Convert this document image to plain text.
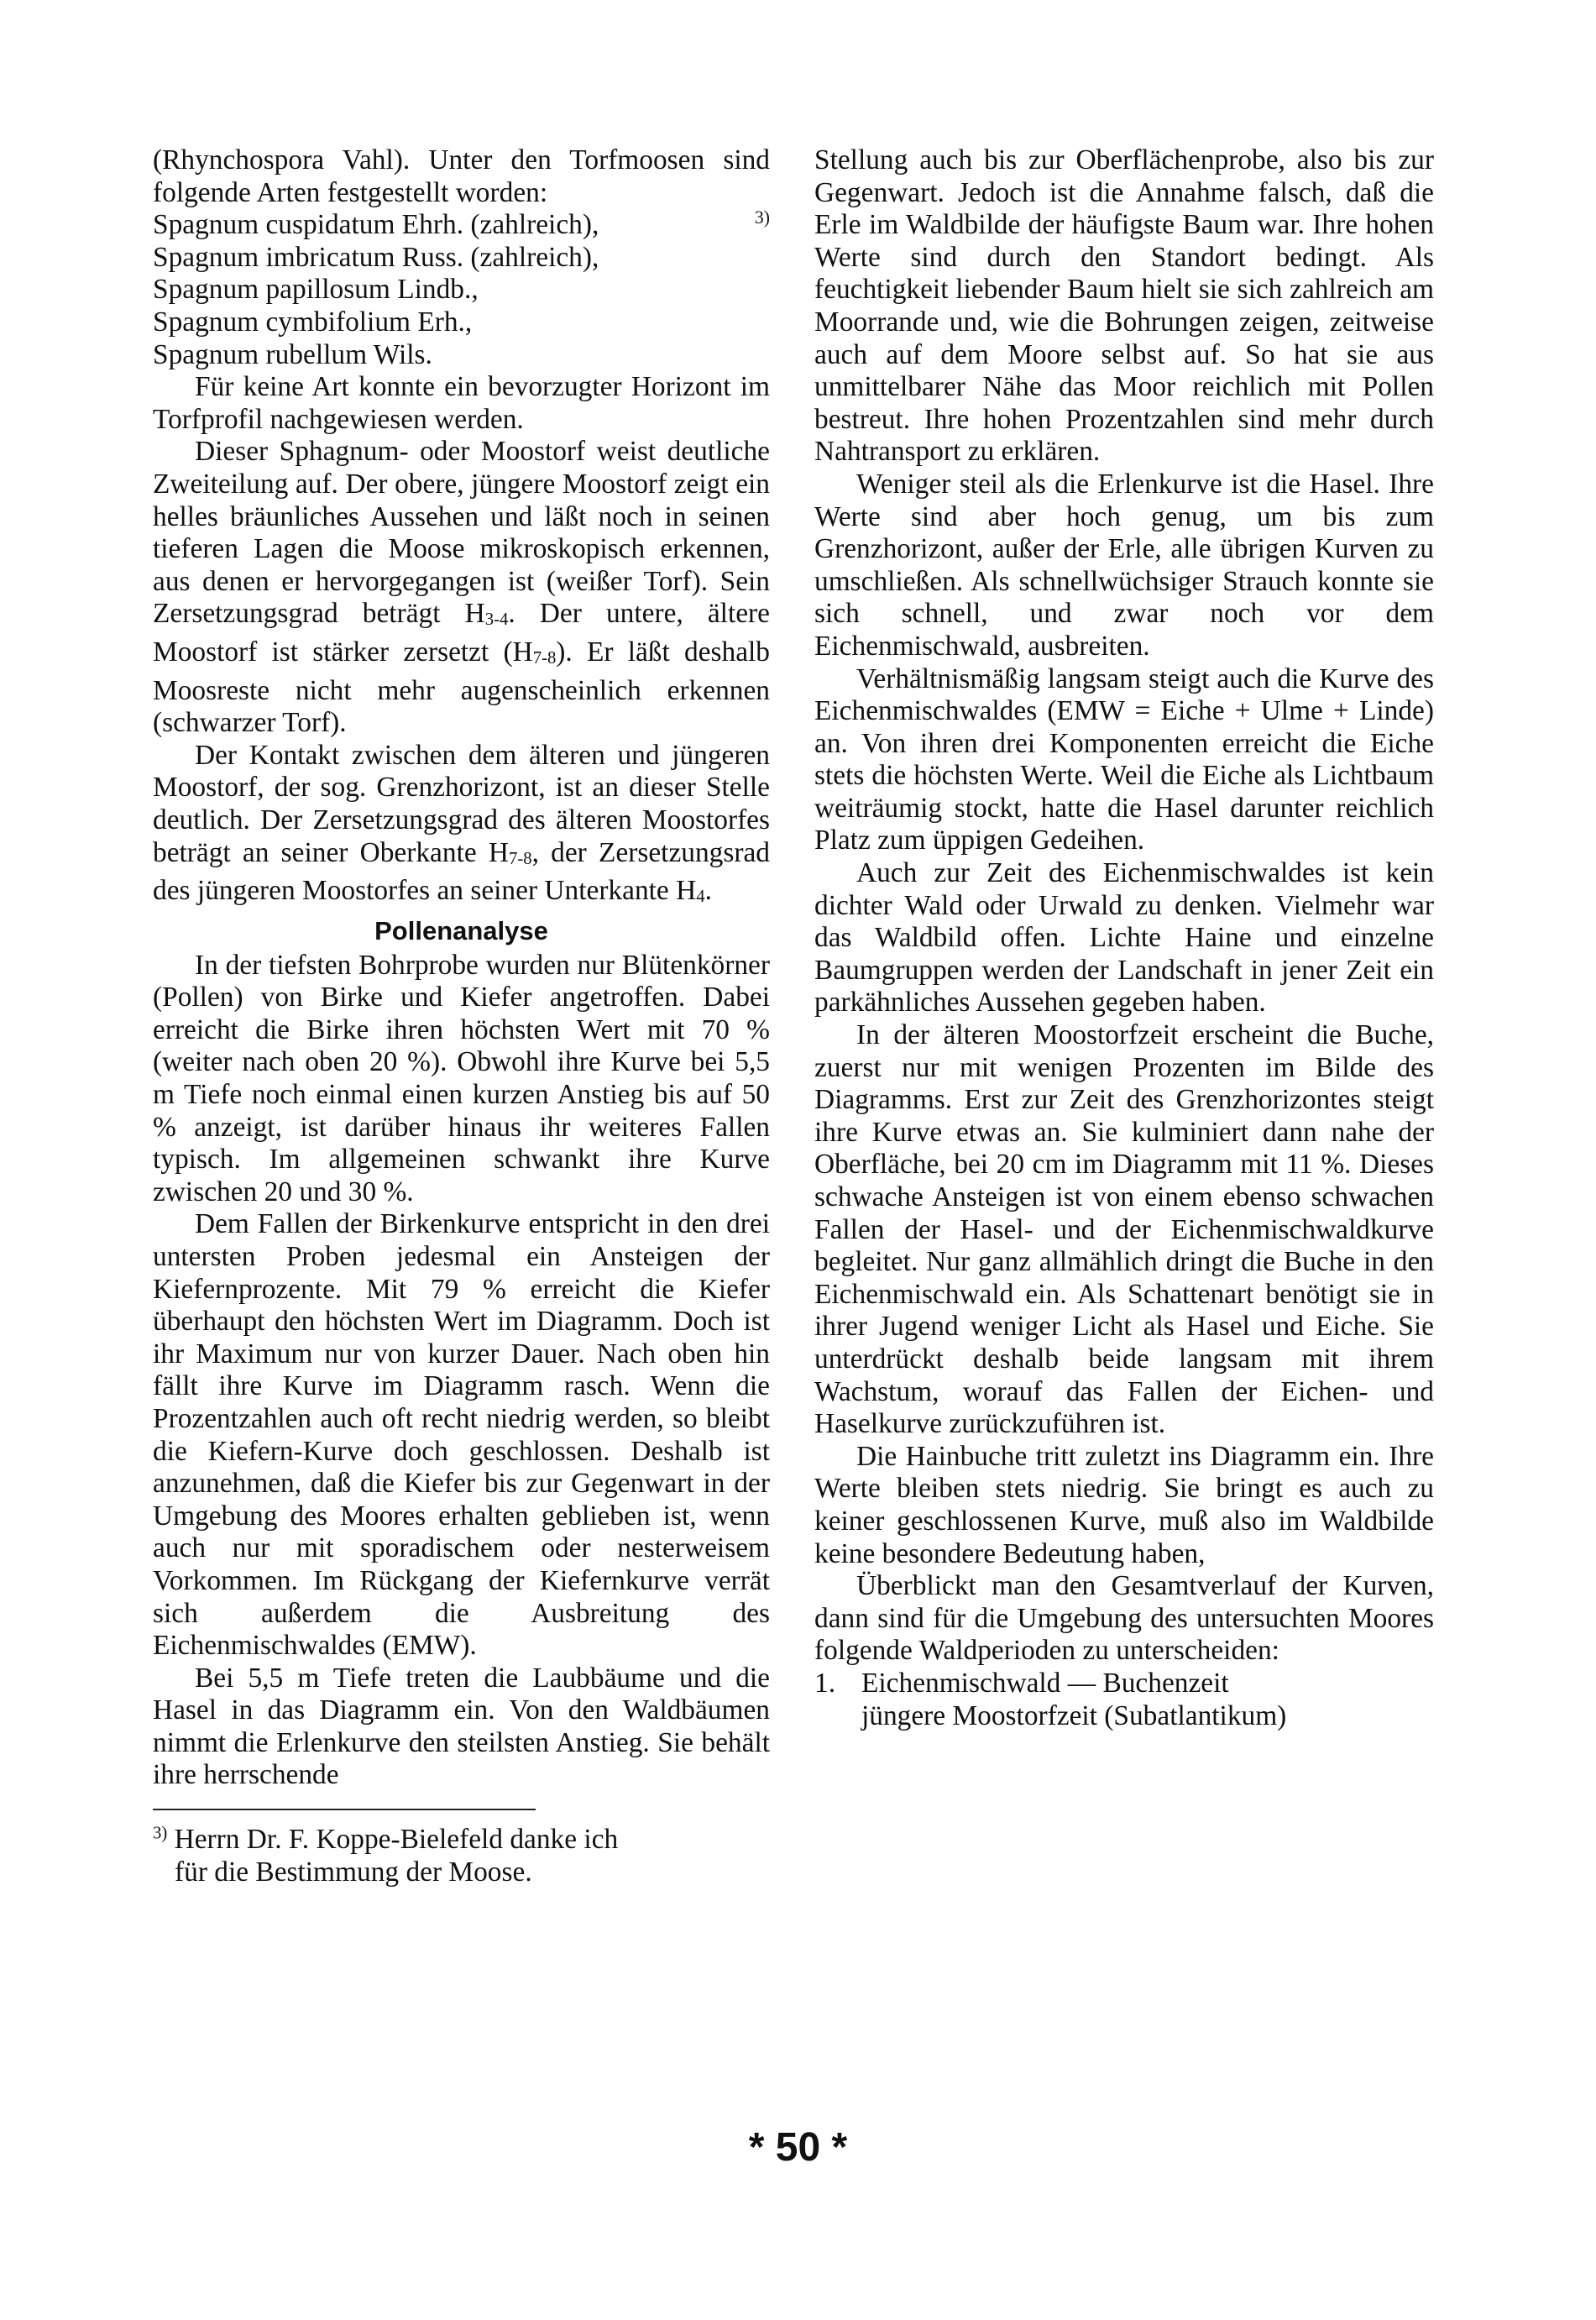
(Rhynchospora Vahl). Unter den Torfmoosen sind folgende Arten festgestellt worden:

Spagnum cuspidatum Ehrh. (zahlreich),	$^{3)}$
Spagnum imbricatum Russ. (zahlreich),
Spagnum papillosum Lindb.,
Spagnum cymbifolium Erh.,
Spagnum rubellum Wils.

Für keine Art konnte ein bevorzugter Horizont im Torfprofil nachgewiesen werden.

Dieser Sphagnum- oder Moostorf weist deutliche Zweiteilung auf. Der obere, jüngere Moostorf zeigt ein helles bräunliches Aussehen und läßt noch in seinen tieferen Lagen die Moose mikroskopisch erkennen, aus denen er hervorgegangen ist (weißer Torf). Sein Zersetzungsgrad beträgt H3-4. Der untere, ältere Moostorf ist stärker zersetzt (H7-8). Er läßt deshalb Moosreste nicht mehr augenscheinlich erkennen (schwarzer Torf).

Der Kontakt zwischen dem älteren und jüngeren Moostorf, der sog. Grenzhorizont, ist an dieser Stelle deutlich. Der Zersetzungsgrad des älteren Moostorfes beträgt an seiner Oberkante H7-8, der Zersetzungsrad des jüngeren Moostorfes an seiner Unterkante H4.

Pollenanalyse

In der tiefsten Bohrprobe wurden nur Blütenkörner (Pollen) von Birke und Kiefer angetroffen. Dabei erreicht die Birke ihren höchsten Wert mit 70 % (weiter nach oben 20 %). Obwohl ihre Kurve bei 5,5 m Tiefe noch einmal einen kurzen Anstieg bis auf 50 % anzeigt, ist darüber hinaus ihr weiteres Fallen typisch. Im allgemeinen schwankt ihre Kurve zwischen 20 und 30 %.

Dem Fallen der Birkenkurve entspricht in den drei untersten Proben jedesmal ein Ansteigen der Kiefernprozente. Mit 79 % erreicht die Kiefer überhaupt den höchsten Wert im Diagramm. Doch ist ihr Maximum nur von kurzer Dauer. Nach oben hin fällt ihre Kurve im Diagramm rasch. Wenn die Prozentzahlen auch oft recht niedrig werden, so bleibt die Kiefern-Kurve doch geschlossen. Deshalb ist anzunehmen, daß die Kiefer bis zur Gegenwart in der Umgebung des Moores erhalten geblieben ist, wenn auch nur mit sporadischem oder nesterweisem Vorkommen. Im Rückgang der Kiefernkurve verrät sich außerdem die Ausbreitung des Eichenmischwaldes (EMW).

Bei 5,5 m Tiefe treten die Laubbäume und die Hasel in das Diagramm ein. Von den Waldbäumen nimmt die Erlenkurve den steilsten Anstieg. Sie behält ihre herrschende

$^{3)}$ Herrn Dr. F. Koppe-Bielefeld danke ich
für die Bestimmung der Moose.

Stellung auch bis zur Oberflächenprobe, also bis zur Gegenwart. Jedoch ist die Annahme falsch, daß die Erle im Waldbilde der häufigste Baum war. Ihre hohen Werte sind durch den Standort bedingt. Als feuchtigkeit liebender Baum hielt sie sich zahlreich am Moorrande und, wie die Bohrungen zeigen, zeitweise auch auf dem Moore selbst auf. So hat sie aus unmittelbarer Nähe das Moor reichlich mit Pollen bestreut. Ihre hohen Prozentzahlen sind mehr durch Nahtransport zu erklären.

Weniger steil als die Erlenkurve ist die Hasel. Ihre Werte sind aber hoch genug, um bis zum Grenzhorizont, außer der Erle, alle übrigen Kurven zu umschließen. Als schnellwüchsiger Strauch konnte sie sich schnell, und zwar noch vor dem Eichenmischwald, ausbreiten.

Verhältnismäßig langsam steigt auch die Kurve des Eichenmischwaldes (EMW = Eiche + Ulme + Linde) an. Von ihren drei Komponenten erreicht die Eiche stets die höchsten Werte. Weil die Eiche als Lichtbaum weiträumig stockt, hatte die Hasel darunter reichlich Platz zum üppigen Gedeihen.

Auch zur Zeit des Eichenmischwaldes ist kein dichter Wald oder Urwald zu denken. Vielmehr war das Waldbild offen. Lichte Haine und einzelne Baumgruppen werden der Landschaft in jener Zeit ein parkähnliches Aussehen gegeben haben.

In der älteren Moostorfzeit erscheint die Buche, zuerst nur mit wenigen Prozenten im Bilde des Diagramms. Erst zur Zeit des Grenzhorizontes steigt ihre Kurve etwas an. Sie kulminiert dann nahe der Oberfläche, bei 20 cm im Diagramm mit 11 %. Dieses schwache Ansteigen ist von einem ebenso schwachen Fallen der Hasel- und der Eichenmischwaldkurve begleitet. Nur ganz allmählich dringt die Buche in den Eichenmischwald ein. Als Schattenart benötigt sie in ihrer Jugend weniger Licht als Hasel und Eiche. Sie unterdrückt deshalb beide langsam mit ihrem Wachstum, worauf das Fallen der Eichen- und Haselkurve zurückzuführen ist.

Die Hainbuche tritt zuletzt ins Diagramm ein. Ihre Werte bleiben stets niedrig. Sie bringt es auch zu keiner geschlossenen Kurve, muß also im Waldbilde keine besondere Bedeutung haben,

Überblickt man den Gesamtverlauf der Kurven, dann sind für die Umgebung des untersuchten Moores folgende Waldperioden zu unterscheiden:

1. Eichenmischwald — Buchenzeit
jüngere Moostorfzeit (Subatlantikum)
* 50 *
